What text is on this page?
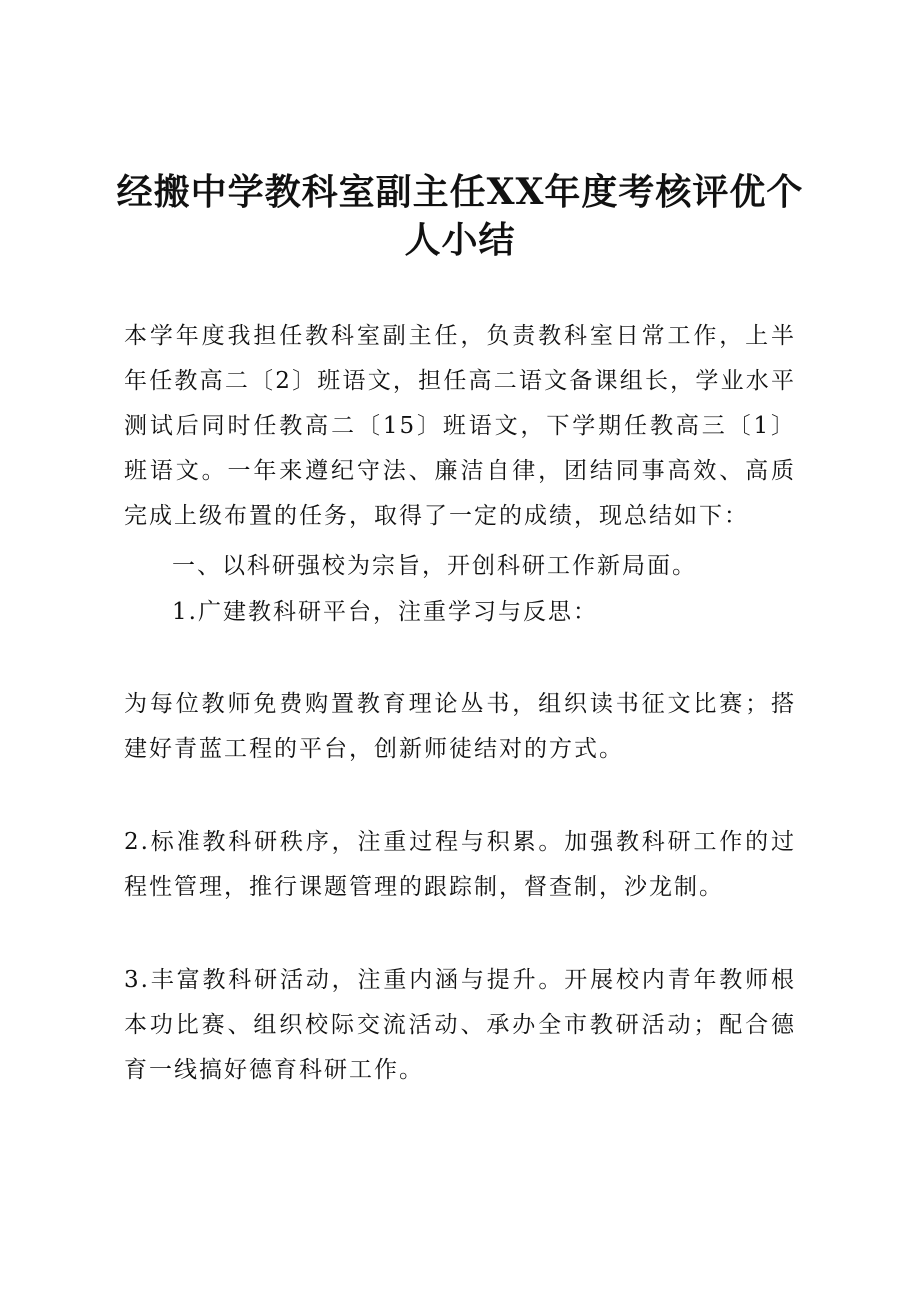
经搬中学教科室副主任XX年度考核评优个人小结
本学年度我担任教科室副主任，负责教科室日常工作，上半年任教高二〔2〕班语文，担任高二语文备课组长，学业水平测试后同时任教高二〔15〕班语文，下学期任教高三〔1〕班语文。一年来遵纪守法、廉洁自律，团结同事高效、高质完成上级布置的任务，取得了一定的成绩，现总结如下：
一、以科研强校为宗旨，开创科研工作新局面。
1.广建教科研平台，注重学习与反思：
为每位教师免费购置教育理论丛书，组织读书征文比赛；搭建好青蓝工程的平台，创新师徒结对的方式。
2.标准教科研秩序，注重过程与积累。加强教科研工作的过程性管理，推行课题管理的跟踪制，督查制，沙龙制。
3.丰富教科研活动，注重内涵与提升。开展校内青年教师根本功比赛、组织校际交流活动、承办全市教研活动；配合德育一线搞好德育科研工作。
